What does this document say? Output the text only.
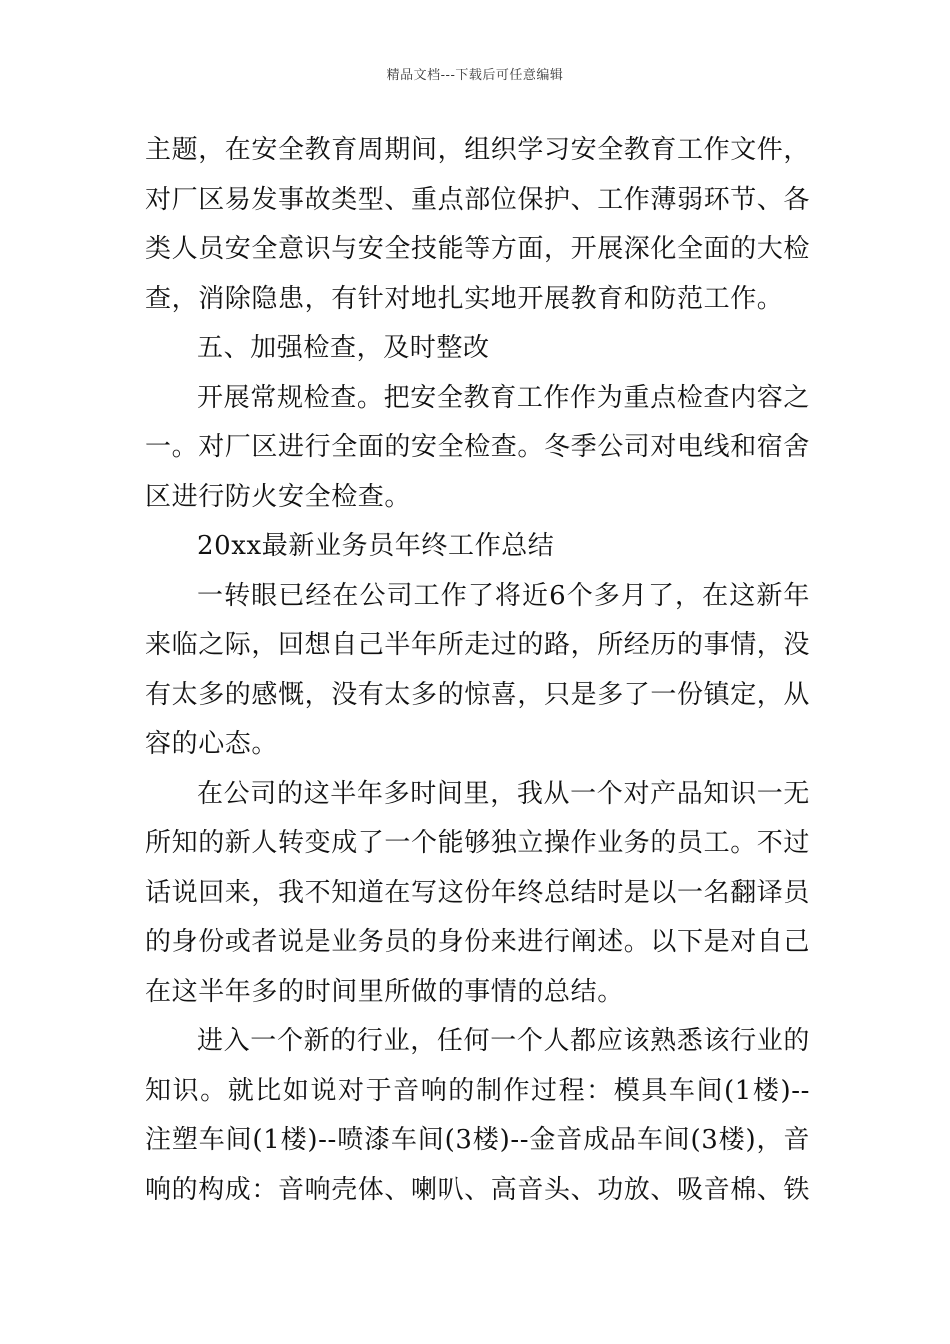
精品文档---下载后可任意编辑

主题，在安全教育周期间，组织学习安全教育工作文件，对厂区易发事故类型、重点部位保护、工作薄弱环节、各类人员安全意识与安全技能等方面，开展深化全面的大检查，消除隐患，有针对地扎实地开展教育和防范工作。

五、加强检查，及时整改

开展常规检查。把安全教育工作作为重点检查内容之一。对厂区进行全面的安全检查。冬季公司对电线和宿舍区进行防火安全检查。

20xx最新业务员年终工作总结

一转眼已经在公司工作了将近6个多月了，在这新年来临之际，回想自己半年所走过的路，所经历的事情，没有太多的感慨，没有太多的惊喜，只是多了一份镇定，从容的心态。

在公司的这半年多时间里，我从一个对产品知识一无所知的新人转变成了一个能够独立操作业务的员工。不过话说回来，我不知道在写这份年终总结时是以一名翻译员的身份或者说是业务员的身份来进行阐述。以下是对自己在这半年多的时间里所做的事情的总结。

进入一个新的行业，任何一个人都应该熟悉该行业的知识。就比如说对于音响的制作过程：模具车间(1楼)--注塑车间(1楼)--喷漆车间(3楼)--金音成品车间(3楼)，音响的构成：音响壳体、喇叭、高音头、功放、吸音棉、铁
